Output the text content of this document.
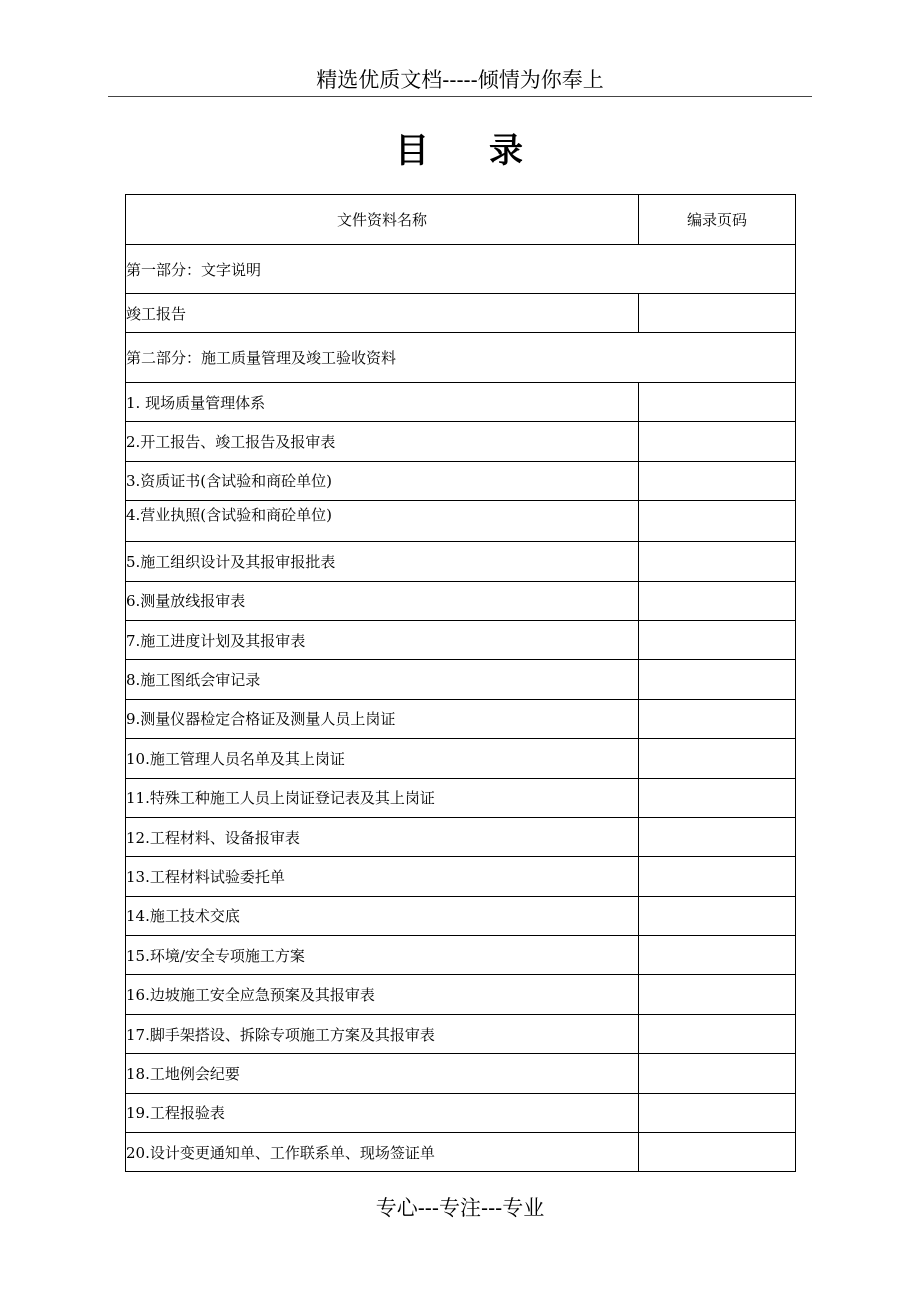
精选优质文档-----倾情为你奉上
目 录
文件资料名称	编录页码
第一部分：文字说明	
竣工报告	
第二部分：施工质量管理及竣工验收资料	
1. 现场质量管理体系	
2.开工报告、竣工报告及报审表	
3.资质证书(含试验和商砼单位)	
4.营业执照(含试验和商砼单位)	
5.施工组织设计及其报审报批表	
6.测量放线报审表	
7.施工进度计划及其报审表	
8.施工图纸会审记录	
9.测量仪器检定合格证及测量人员上岗证	
10.施工管理人员名单及其上岗证	
11.特殊工种施工人员上岗证登记表及其上岗证	
12.工程材料、设备报审表	
13.工程材料试验委托单	
14.施工技术交底	
15.环境/安全专项施工方案	
16.边坡施工安全应急预案及其报审表	
17.脚手架搭设、拆除专项施工方案及其报审表	
18.工地例会纪要	
19.工程报验表	
20.设计变更通知单、工作联系单、现场签证单	
专心---专注---专业
